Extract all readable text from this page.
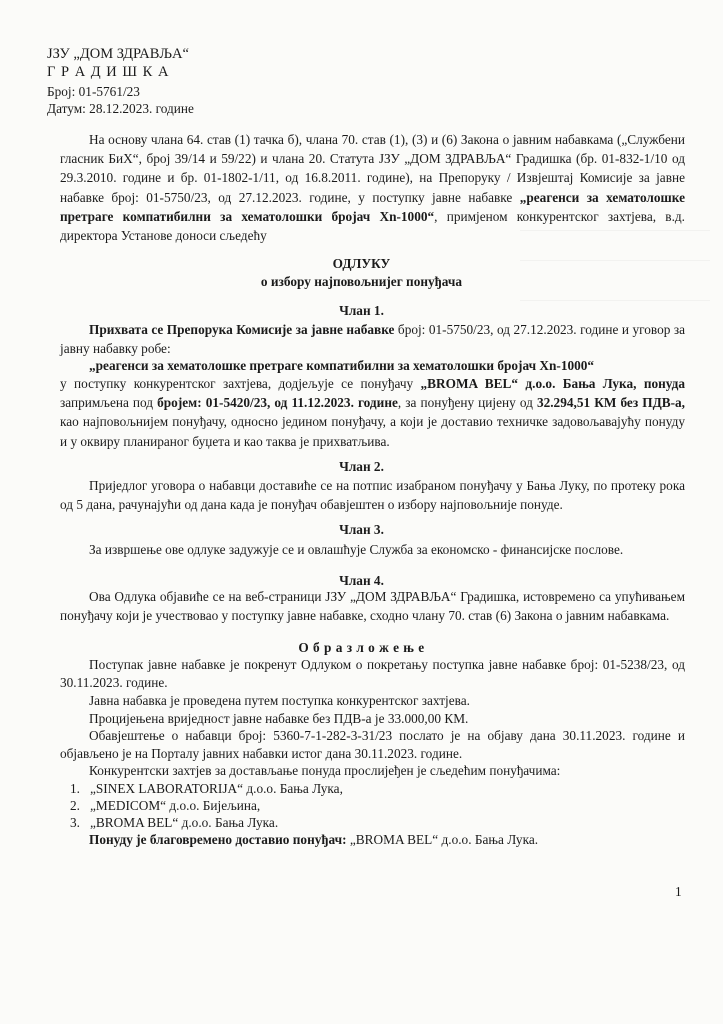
ЈЗУ „ДОМ ЗДРАВЉА“
Г Р А Д И Ш К А
Број: 01-5761/23
Датум: 28.12.2023. године
На основу члана 64. став (1) тачка б), члана 70. став (1), (3) и (6) Закона о јавним набавкама („Службени гласник БиХ“, број 39/14 и 59/22) и члана 20. Статута ЈЗУ „ДОМ ЗДРАВЉА“ Градишка (бр. 01-832-1/10 од 29.3.2010. године и бр. 01-1802-1/11, од 16.8.2011. године), на Препоруку / Извјештај Комисије за јавне набавке број: 01-5750/23, од 27.12.2023. године, у поступку јавне набавке „реагенси за хематолошке претраге компатибилни за хематолошки бројач Xn-1000“, примјеном конкурентског захтјева, в.д. директора Установе доноси сљедећу
ОДЛУКУ
о избору најповољнијег понуђача
Члан 1.
Прихвата се Препорука Комисије за јавне набавке број: 01-5750/23, од 27.12.2023. године и уговор за јавну набавку робе:
„реагенси за хематолошке претраге компатибилни за хематолошки бројач Xn-1000“
у поступку конкурентског захтјева, додјељује се понуђачу „BROMA BEL“ д.о.о. Бања Лука, понуда запримљена под бројем: 01-5420/23, од 11.12.2023. године, за понуђену цијену од 32.294,51 КМ без ПДВ-а, као најповољнијем понуђачу, односно једином понуђачу, а који је доставио техничке задовољавајућу понуду и у оквиру планираног буџета и као таква је прихватљива.
Члан 2.
Приједлог уговора о набавци доставиће се на потпис изабраном понуђачу у Бања Луку, по протеку рока од 5 дана, рачунајући од дана када је понуђач обавјештен о избору најповољније понуде.
Члан 3.
За извршење ове одлуке задужује се и овлашћује Служба за економско - финансијске послове.
Члан 4.
Ова Одлука објавиће се на веб-страници ЈЗУ „ДОМ ЗДРАВЉА“ Градишка, истовремено са упућивањем понуђачу који је учествовао у поступку јавне набавке, сходно члану 70. став (6) Закона о јавним набавкама.
О б р а з л о ж е њ е
Поступак јавне набавке је покренут Одлуком о покретању поступка јавне набавке број: 01-5238/23, од 30.11.2023. године.
Јавна набавка је проведена путем поступка конкурентског захтјева.
Процијењена вриједност јавне набавке без ПДВ-а је 33.000,00 КМ.
Обавјештење о набавци број: 5360-7-1-282-3-31/23 послато је на објаву дана 30.11.2023. године и објављено је на Порталу јавних набавки истог дана 30.11.2023. године.
Конкурентски захтјев за достављање понуда прослијеђен је сљедећим понуђачима:
1. „SINEX LABORATORIJA“ д.о.о. Бања Лука,
2. „MEDICOM“ д.о.о. Бијељина,
3. „BROMA BEL“ д.о.о. Бања Лука.
Понуду је благовремено доставио понуђач: „BROMA BEL“ д.о.о. Бања Лука.
1
